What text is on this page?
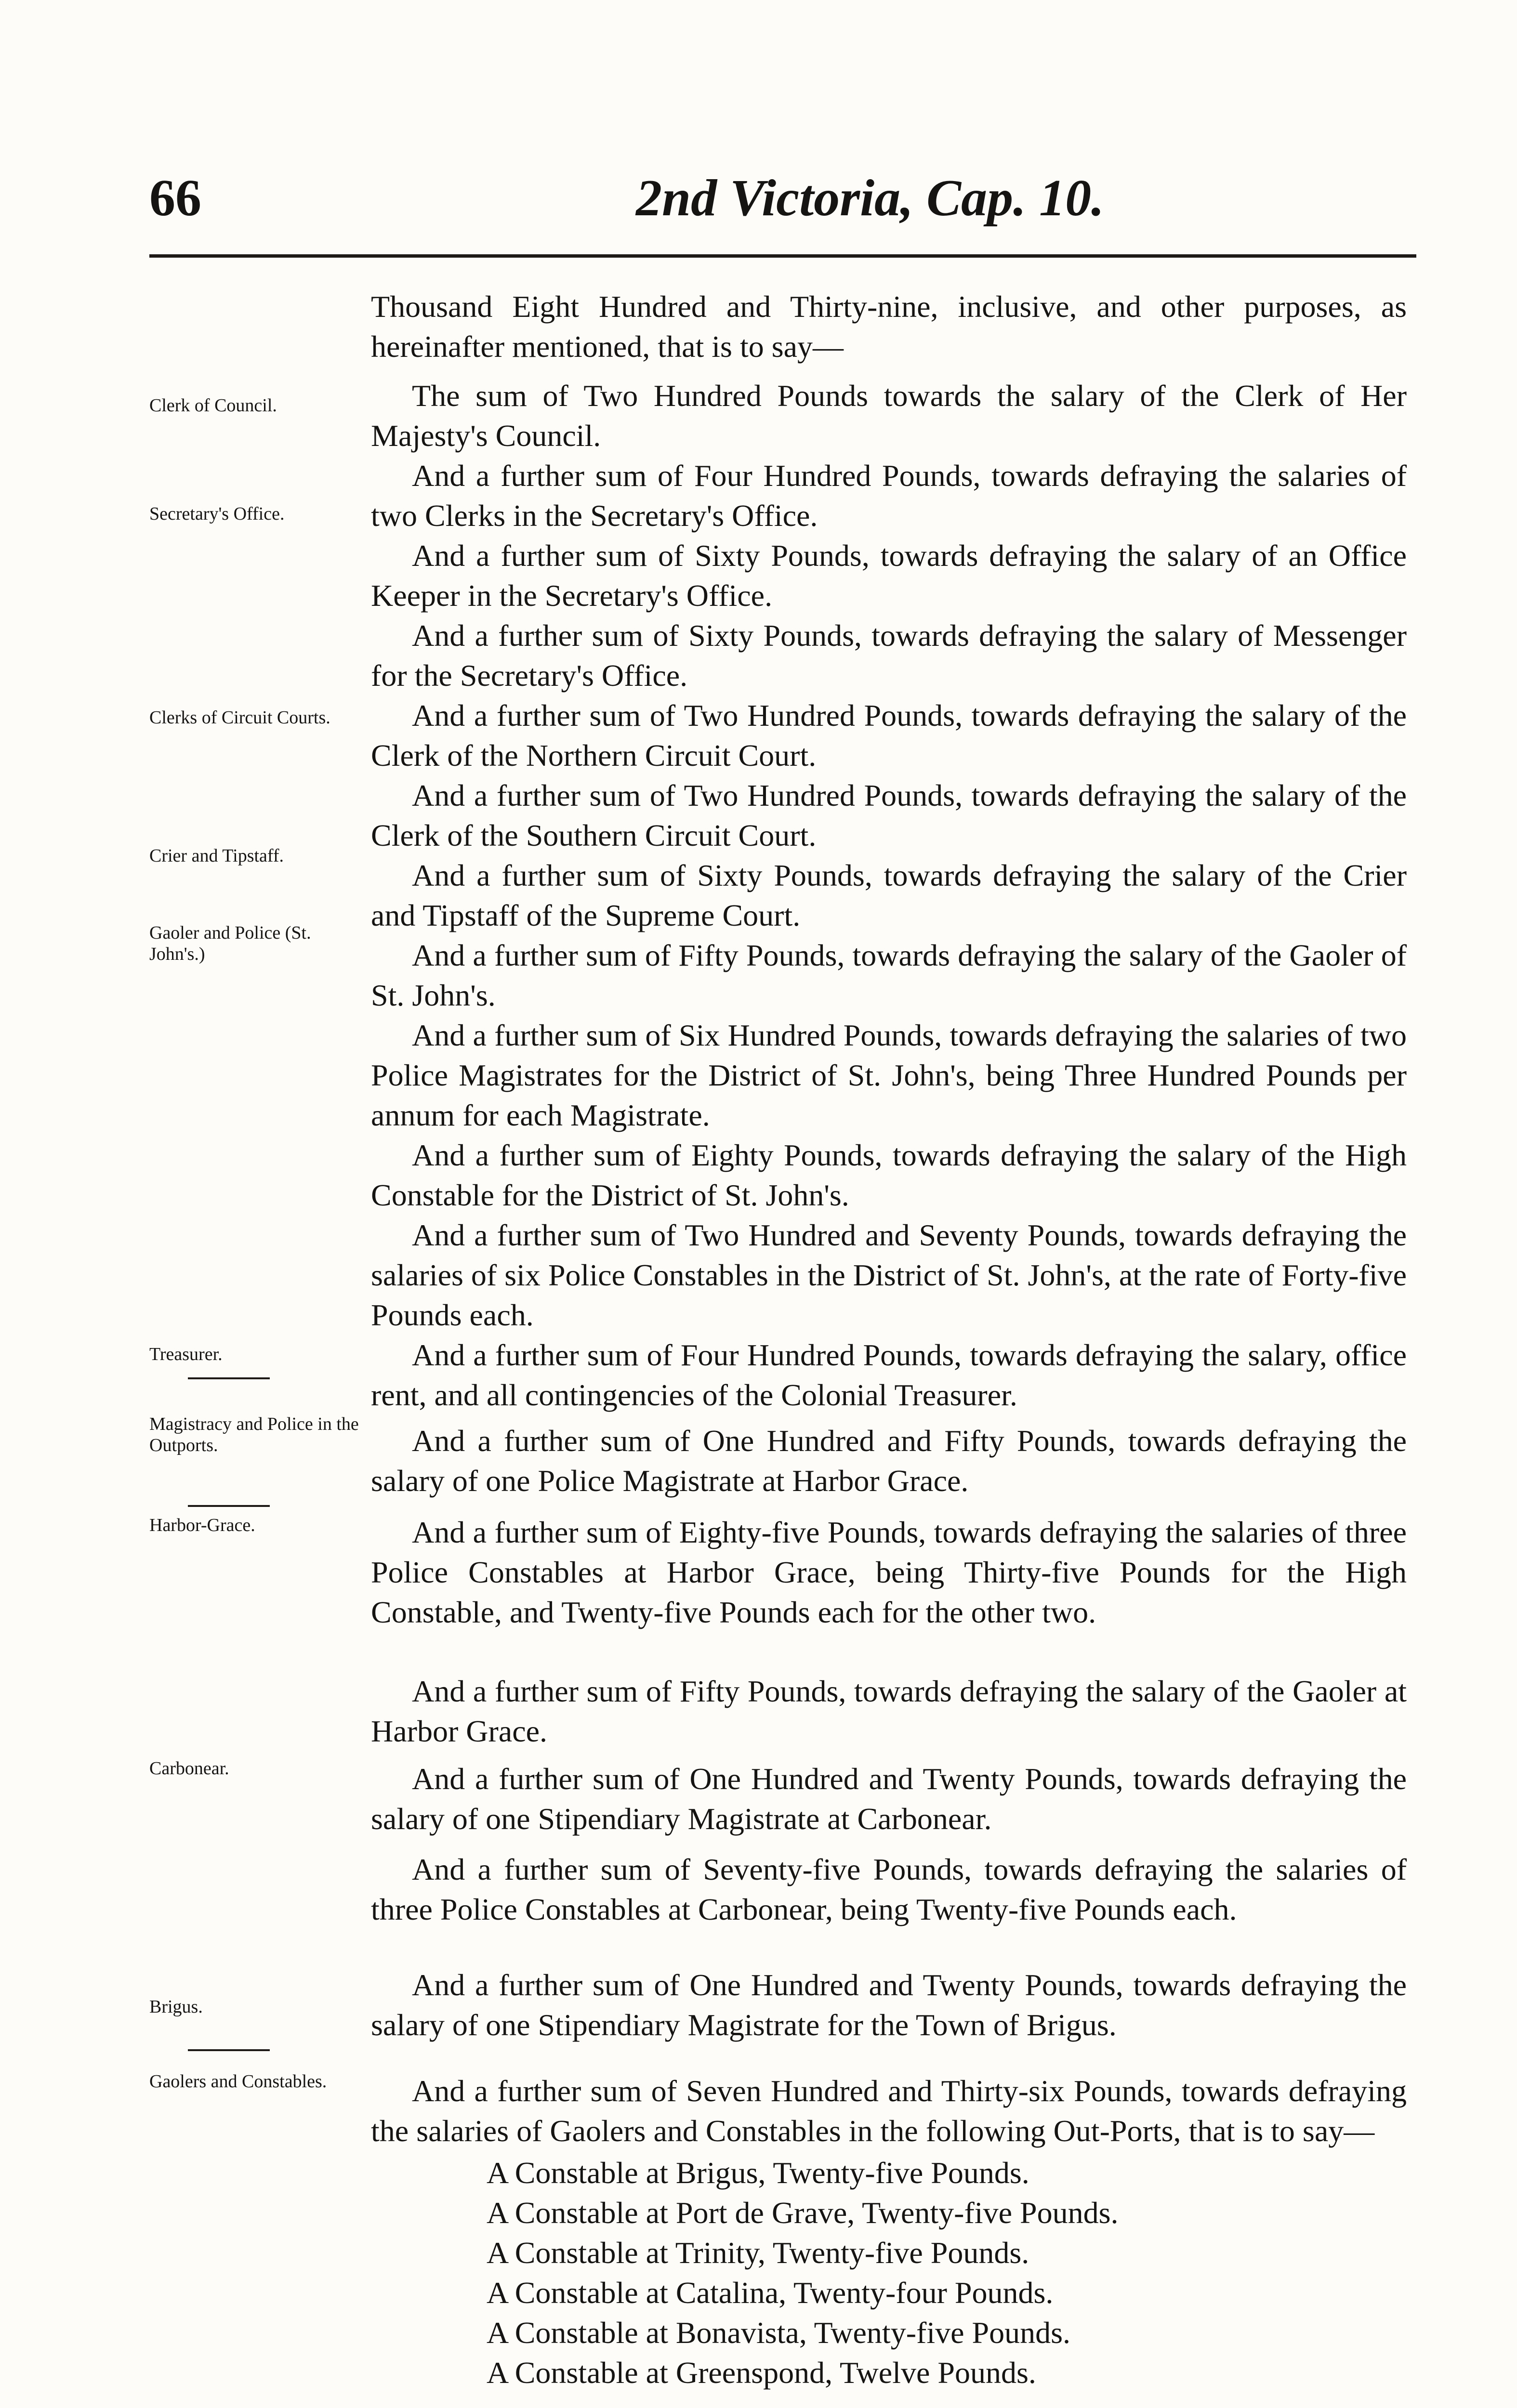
66	2nd Victoria, Cap. 10.
Thousand Eight Hundred and Thirty-nine, inclusive, and other purposes, as hereinafter mentioned, that is to say—
The sum of Two Hundred Pounds towards the salary of the Clerk of Her Majesty's Council.
And a further sum of Four Hundred Pounds, towards defraying the salaries of two Clerks in the Secretary's Office.
And a further sum of Sixty Pounds, towards defraying the salary of an Office Keeper in the Secretary's Office.
And a further sum of Sixty Pounds, towards defraying the salary of Messenger for the Secretary's Office.
And a further sum of Two Hundred Pounds, towards defraying the salary of the Clerk of the Northern Circuit Court.
And a further sum of Two Hundred Pounds, towards defraying the salary of the Clerk of the Southern Circuit Court.
And a further sum of Sixty Pounds, towards defraying the salary of the Crier and Tipstaff of the Supreme Court.
And a further sum of Fifty Pounds, towards defraying the salary of the Gaoler of St. John's.
And a further sum of Six Hundred Pounds, towards defraying the salaries of two Police Magistrates for the District of St. John's, being Three Hundred Pounds per annum for each Magistrate.
And a further sum of Eighty Pounds, towards defraying the salary of the High Constable for the District of St. John's.
And a further sum of Two Hundred and Seventy Pounds, towards defraying the salaries of six Police Constables in the District of St. John's, at the rate of Forty-five Pounds each.
And a further sum of Four Hundred Pounds, towards defraying the salary, office rent, and all contingencies of the Colonial Treasurer.
And a further sum of One Hundred and Fifty Pounds, towards defraying the salary of one Police Magistrate at Harbor Grace.
And a further sum of Eighty-five Pounds, towards defraying the salaries of three Police Constables at Harbor Grace, being Thirty-five Pounds for the High Constable, and Twenty-five Pounds each for the other two.
And a further sum of Fifty Pounds, towards defraying the salary of the Gaoler at Harbor Grace.
And a further sum of One Hundred and Twenty Pounds, towards defraying the salary of one Stipendiary Magistrate at Carbonear.
And a further sum of Seventy-five Pounds, towards defraying the salaries of three Police Constables at Carbonear, being Twenty-five Pounds each.
And a further sum of One Hundred and Twenty Pounds, towards defraying the salary of one Stipendiary Magistrate for the Town of Brigus.
And a further sum of Seven Hundred and Thirty-six Pounds, towards defraying the salaries of Gaolers and Constables in the following Out-Ports, that is to say—
Clerk of Council.
Secretary's Office.
Clerks of Circuit Courts.
Crier and Tipstaff.
Gaoler and Police (St. John's.)
Treasurer.
Magistracy and Police in the Outports.
Harbor-Grace.
Carbonear.
Brigus.
Gaolers and Constables.
A Constable at Brigus, Twenty-five Pounds.
A Constable at Port de Grave, Twenty-five Pounds.
A Constable at Trinity, Twenty-five Pounds.
A Constable at Catalina, Twenty-four Pounds.
A Constable at Bonavista, Twenty-five Pounds.
A Constable at Greenspond, Twelve Pounds.
